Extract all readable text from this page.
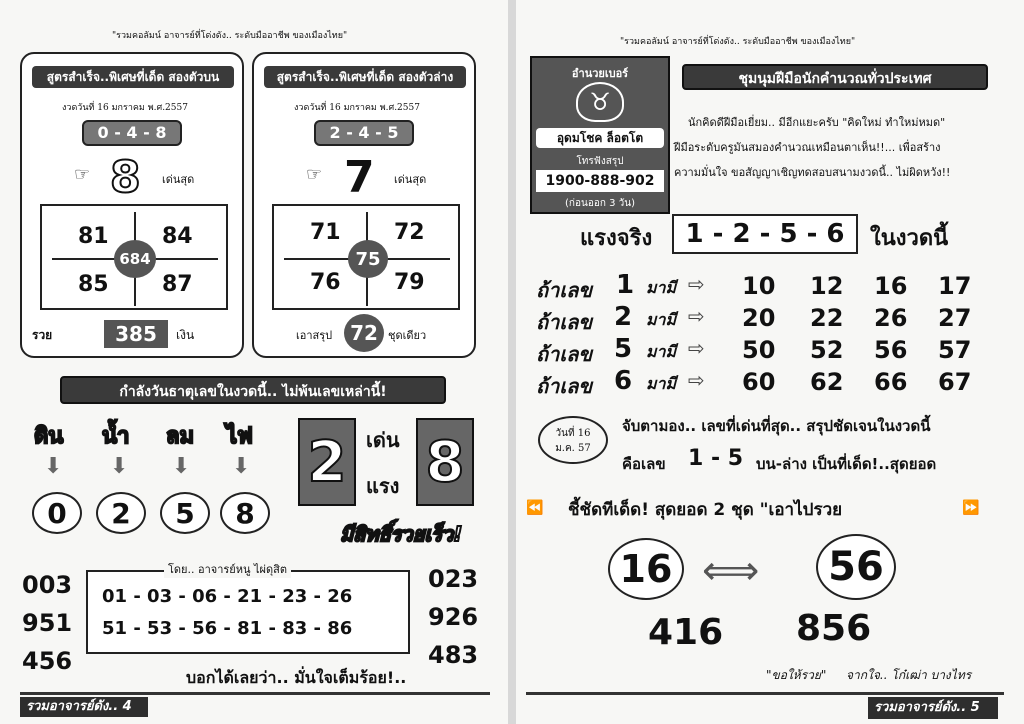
"รวมคอลัมน์ อาจารย์ที่โด่งดัง.. ระดับมืออาชีพ ของเมืองไทย"
สูตรสำเร็จ..พิเศษที่เด็ด สองตัวบน
งวดวันที่ 16 มกราคม พ.ศ.2557
0 - 4 - 8
☞ 8 เด่นสุด
81 84
85 87
684
รวย	385	เงิน
สูตรสำเร็จ..พิเศษที่เด็ด สองตัวล่าง
งวดวันที่ 16 มกราคม พ.ศ.2557
2 - 4 - 5
☞ 7 เด่นสุด
71 72
76 79
75
เอาสรุป 72 ชุดเดียว
กำลังวันธาตุเลขในงวดนี้.. ไม่พ้นเลขเหล่านี้!
ดิน น้ำ ลม ไฟ
⬇ ⬇ ⬇ ⬇
0	2	5	8
2 เด่น
แรง 8
มีสิทธิ์รวยเร็ว!
003
951
456
โดย.. อาจารย์หนู ไผ่ดุสิต
01 - 03 - 06 - 21 - 23 - 26
51 - 53 - 56 - 81 - 83 - 86
023
926
483
บอกได้เลยว่า.. มั่นใจเต็มร้อย!..
รวมอาจารย์ดัง.. 4
"รวมคอลัมน์ อาจารย์ที่โด่งดัง.. ระดับมืออาชีพ ของเมืองไทย"
อำนวยเบอร์
♉
อุดมโชค ล็อตโต
โทรฟังสรุป
1900-888-902
(ก่อนออก 3 วัน)
ชุมนุมฝีมือนักคำนวณทั่วประเทศ
นักคิดดีฝีมือเยี่ยม.. มีอีกแยะครับ "คิดใหม่ ทำใหม่หมด"
ฝีมือระดับครูมันสมองคำนวณเหมือนตาเห็น!!... เพื่อสร้าง
ความมั่นใจ ขอสัญญาเชิญทดสอบสนามงวดนี้.. ไม่ผิดหวัง!!
แรงจริง	1 - 2 - 5 - 6	ในงวดนี้
ถ้าเลข 1 มามี ⇨ 10 12 16 17
ถ้าเลข 2 มามี ⇨ 20 22 26 27
ถ้าเลข 5 มามี ⇨ 50 52 56 57
ถ้าเลข 6 มามี ⇨ 60 62 66 67
วันที่ 16
ม.ค. 57
จับตามอง.. เลขที่เด่นที่สุด.. สรุปชัดเจนในงวดนี้
คือเลข 1 - 5 บน-ล่าง เป็นที่เด็ด!..สุดยอด
⏪ ชี้ชัดทีเด็ด! สุดยอด 2 ชุด "เอาไปรวย	⏩
16 ⟺	56
416 856
"ขอให้รวย" จากใจ.. โก๋เฒ่า บางไทร
รวมอาจารย์ดัง.. 5
